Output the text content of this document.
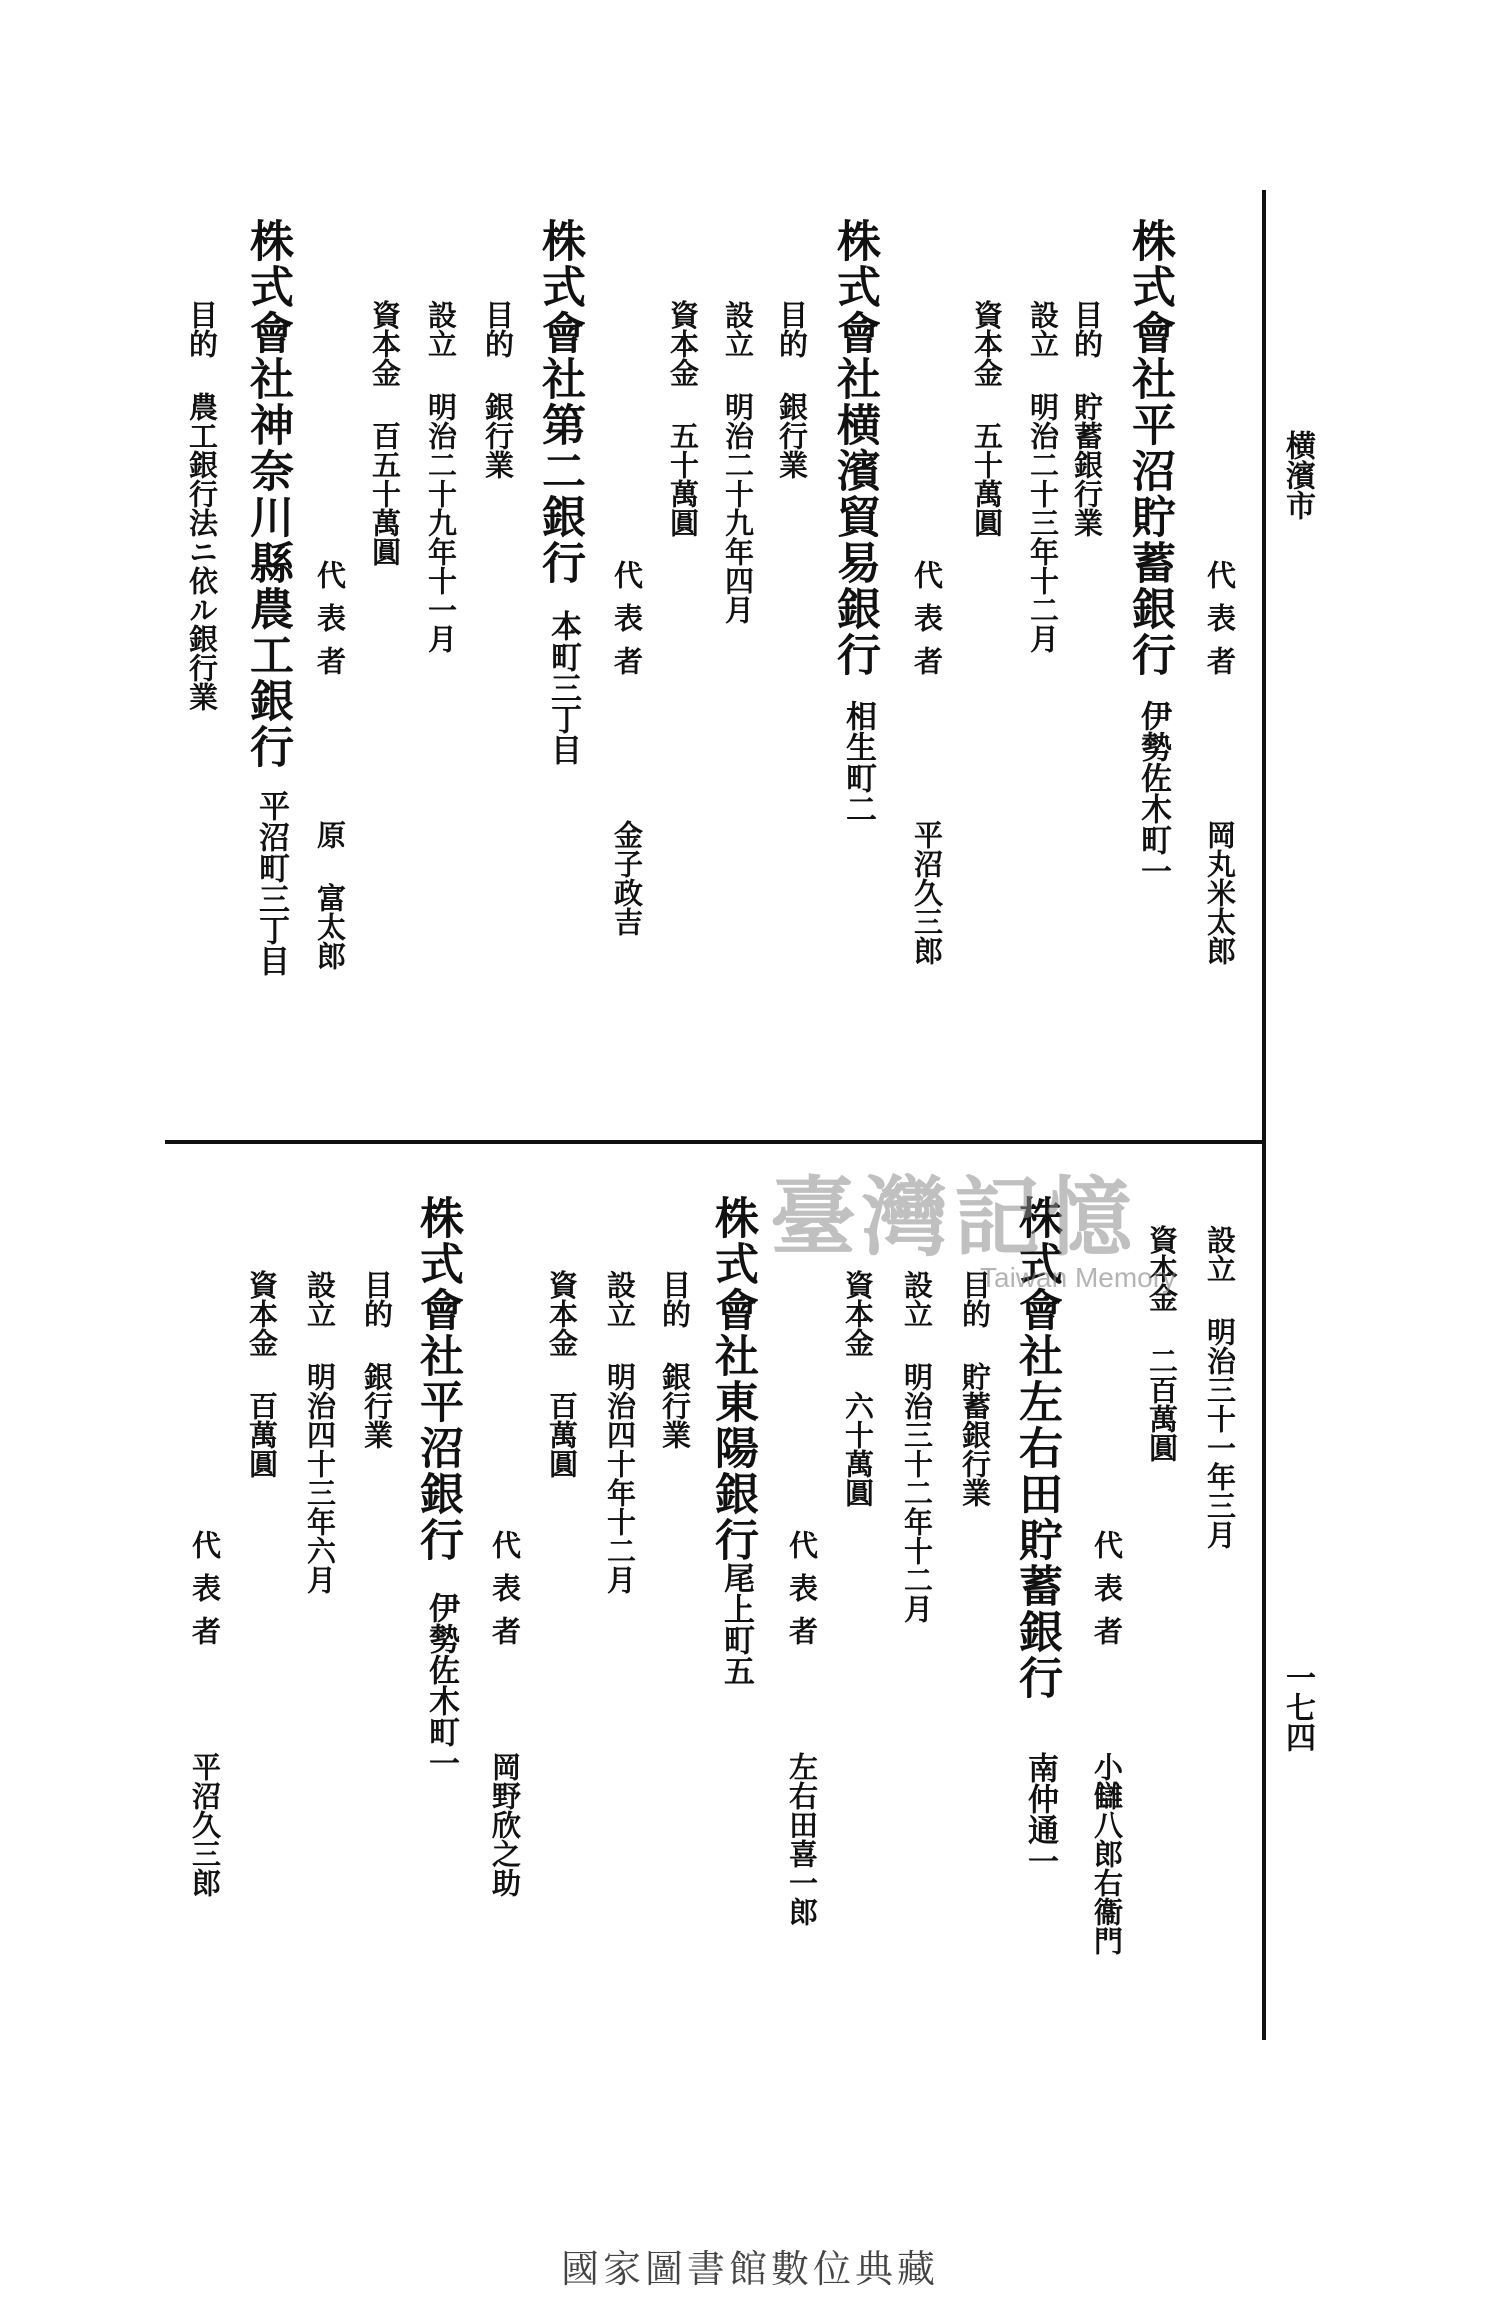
横濱市
一七四
代表者
岡丸米太郎
株式會社平沼貯蓄銀行
伊勢佐木町一
目的 貯蓄銀行業
設立 明治二十三年十二月
資本金 五十萬圓
代表者
平沼久三郎
株式會社横濱貿易銀行
相生町二
目的 銀行業
設立 明治二十九年四月
資本金 五十萬圓
代表者
金子政吉
株式會社第二銀行
本町三丁目
目的 銀行業
設立 明治二十九年十一月
資本金 百五十萬圓
代表者
原 富太郎
株式會社神奈川縣農工銀行
平沼町三丁目
目的 農工銀行法ニ依ル銀行業
設立 明治三十一年三月
資本金 二百萬圓
代表者
小讎八郎右衞門
株式會社左右田貯蓄銀行
南仲通一
目的 貯蓄銀行業
設立 明治三十二年十二月
資本金 六十萬圓
代表者
左右田喜一郎
株式會社東陽銀行
尾上町五
目的 銀行業
設立 明治四十年十二月
資本金 百萬圓
代表者
岡野欣之助
株式會社平沼銀行
伊勢佐木町一
目的 銀行業
設立 明治四十三年六月
資本金 百萬圓
代表者
平沼久三郎
臺灣記憶
Taiwan Memory
國家圖書館數位典藏
